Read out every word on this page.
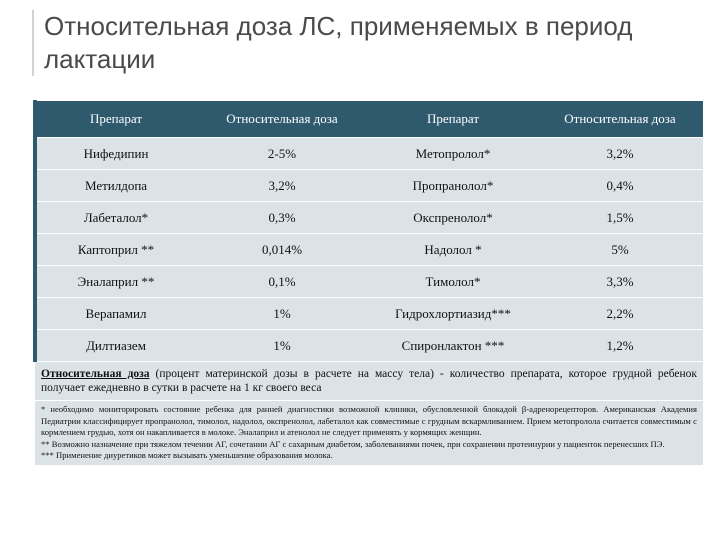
Относительная доза ЛС, применяемых в период лактации
Препарат	Относительная доза	Препарат	Относительная доза
Нифедипин	2-5%	Метопролол*	3,2%
Метилдопа	3,2%	Пропранолол*	0,4%
Лабеталол*	0,3%	Окспренолол*	1,5%
Каптоприл **	0,014%	Надолол *	5%
Эналаприл **	0,1%	Тимолол*	3,3%
Верапамил	1%	Гидрохлортиазид***	2,2%
Дилтиазем	1%	Спиронлактон ***	1,2%
Относительная доза (процент материнской дозы в расчете на массу тела) - количество препарата, которое грудной ребенок получает ежедневно в сутки в расчете на 1 кг своего веса			

* необходимо мониторировать состояние ребенка для ранней диагностики возможной клиники, обусловленной блокадой β-адренорецепторов. Американская Академия Педиатрии классифицирует пропранолол, тимолол, надолол, окспренолол, лабеталол как совместимые с грудным вскармливанием. Прием метопролола считается совместимым с кормлением грудью, хотя он накапливается в молоке. Эналаприл и атенолол не следует применять у кормящих женщин.
** Возможно назначение при тяжелом течении АГ, сочетании АГ с сахарным диабетом, заболеваниями почек, при сохранении протеинурии у пациенток перенесших ПЭ.
*** Применение диуретиков может вызывать уменьшение образования молока.			
